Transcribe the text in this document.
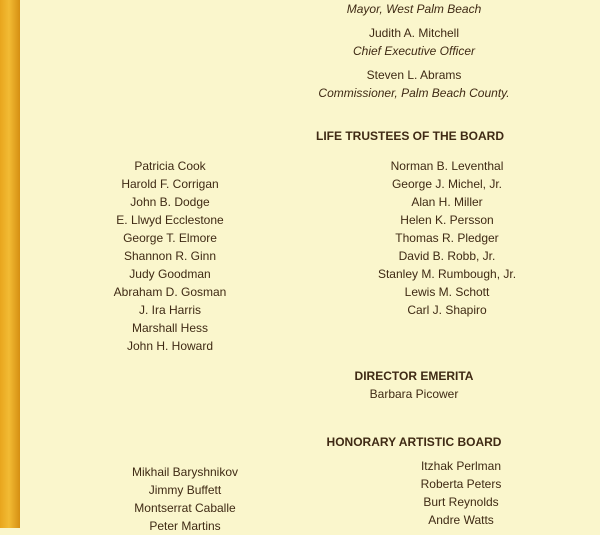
Mayor, West Palm Beach
Judith A. Mitchell
Chief Executive Officer
Steven L. Abrams
Commissioner, Palm Beach County.
LIFE TRUSTEES OF THE BOARD
Patricia Cook
Harold F. Corrigan
John B. Dodge
E. Llwyd Ecclestone
George T. Elmore
Shannon R. Ginn
Judy Goodman
Abraham D. Gosman
J. Ira Harris
Marshall Hess
John H. Howard
Norman B. Leventhal
George J. Michel, Jr.
Alan H. Miller
Helen K. Persson
Thomas R. Pledger
David B. Robb, Jr.
Stanley M. Rumbough, Jr.
Lewis M. Schott
Carl J. Shapiro
DIRECTOR EMERITA
Barbara Picower
HONORARY ARTISTIC BOARD
Mikhail Baryshnikov
Jimmy Buffett
Montserrat Caballe
Peter Martins
Itzhak Perlman
Roberta Peters
Burt Reynolds
Andre Watts
